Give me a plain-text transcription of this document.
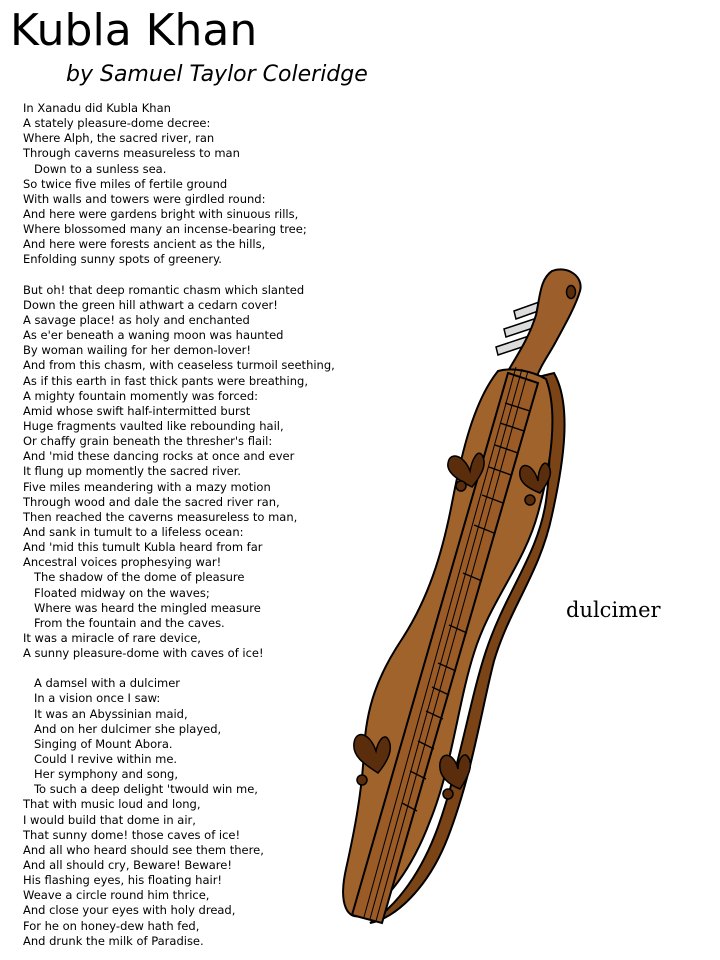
Kubla Khan
by Samuel Taylor Coleridge
In Xanadu did Kubla Khan
A stately pleasure-dome decree:
Where Alph, the sacred river, ran
Through caverns measureless to man
Down to a sunless sea.
So twice five miles of fertile ground
With walls and towers were girdled round:
And here were gardens bright with sinuous rills,
Where blossomed many an incense-bearing tree;
And here were forests ancient as the hills,
Enfolding sunny spots of greenery.
But oh! that deep romantic chasm which slanted
Down the green hill athwart a cedarn cover!
A savage place! as holy and enchanted
As e'er beneath a waning moon was haunted
By woman wailing for her demon-lover!
And from this chasm, with ceaseless turmoil seething,
As if this earth in fast thick pants were breathing,
A mighty fountain momently was forced:
Amid whose swift half-intermitted burst
Huge fragments vaulted like rebounding hail,
Or chaffy grain beneath the thresher's flail:
And 'mid these dancing rocks at once and ever
It flung up momently the sacred river.
Five miles meandering with a mazy motion
Through wood and dale the sacred river ran,
Then reached the caverns measureless to man,
And sank in tumult to a lifeless ocean:
And 'mid this tumult Kubla heard from far
Ancestral voices prophesying war!
The shadow of the dome of pleasure
Floated midway on the waves;
Where was heard the mingled measure
From the fountain and the caves.
It was a miracle of rare device,
A sunny pleasure-dome with caves of ice!
A damsel with a dulcimer
In a vision once I saw:
It was an Abyssinian maid,
And on her dulcimer she played,
Singing of Mount Abora.
Could I revive within me.
Her symphony and song,
To such a deep delight 'twould win me,
That with music loud and long,
I would build that dome in air,
That sunny dome! those caves of ice!
And all who heard should see them there,
And all should cry, Beware! Beware!
His flashing eyes, his floating hair!
Weave a circle round him thrice,
And close your eyes with holy dread,
For he on honey-dew hath fed,
And drunk the milk of Paradise.
dulcimer
